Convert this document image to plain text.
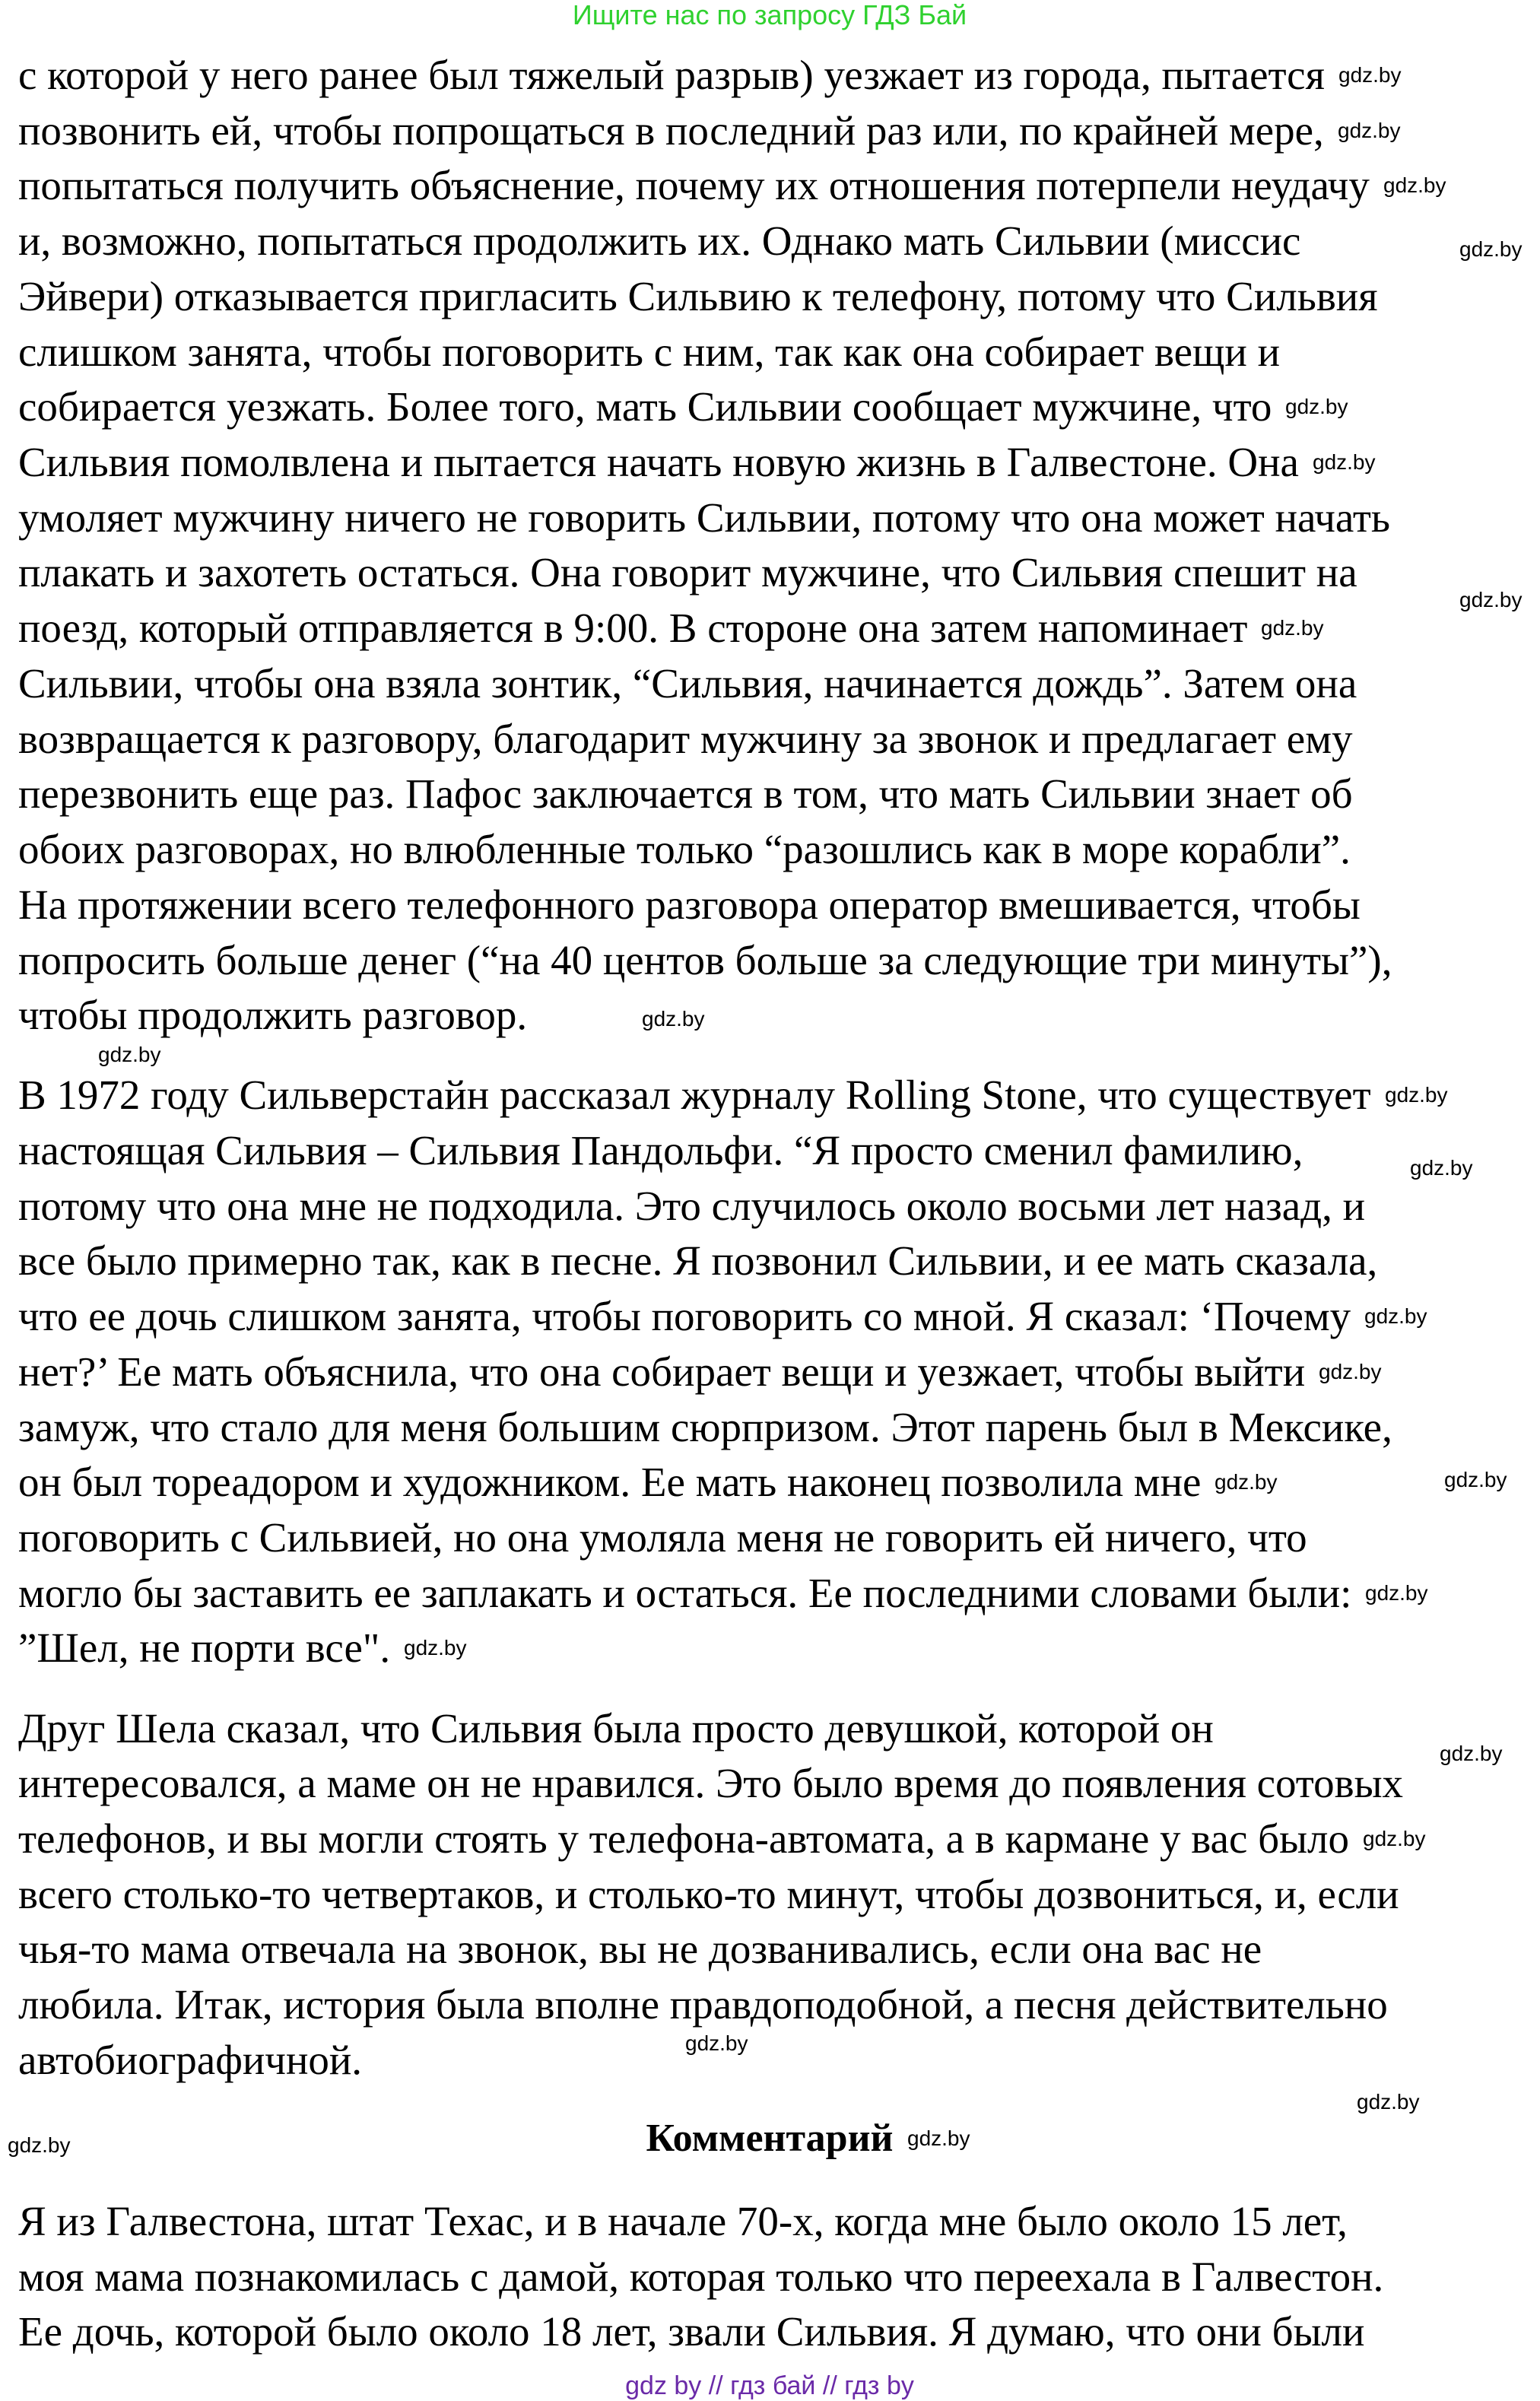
Ищите нас по запросу ГДЗ Бай
с которой у него ранее был тяжелый разрыв) уезжает из города, пытается
позвонить ей, чтобы попрощаться в последний раз или, по крайней мере,
попытаться получить объяснение, почему их отношения потерпели неудачу
и, возможно, попытаться продолжить их. Однако мать Сильвии (миссис
Эйвери) отказывается пригласить Сильвию к телефону, потому что Сильвия
слишком занята, чтобы поговорить с ним, так как она собирает вещи и
собирается уезжать. Более того, мать Сильвии сообщает мужчине, что
Сильвия помолвлена и пытается начать новую жизнь в Галвестоне. Она
умоляет мужчину ничего не говорить Сильвии, потому что она может начать
плакать и захотеть остаться. Она говорит мужчине, что Сильвия спешит на
поезд, который отправляется в 9:00. В стороне она затем напоминает
Сильвии, чтобы она взяла зонтик, “Сильвия, начинается дождь”. Затем она
возвращается к разговору, благодарит мужчину за звонок и предлагает ему
перезвонить еще раз. Пафос заключается в том, что мать Сильвии знает об
обоих разговорах, но влюбленные только “разошлись как в море корабли”.
На протяжении всего телефонного разговора оператор вмешивается, чтобы
попросить больше денег (“на 40 центов больше за следующие три минуты”),
чтобы продолжить разговор.
В 1972 году Сильверстайн рассказал журналу Rolling Stone, что существует
настоящая Сильвия – Сильвия Пандольфи. “Я просто сменил фамилию,
потому что она мне не подходила. Это случилось около восьми лет назад, и
все было примерно так, как в песне. Я позвонил Сильвии, и ее мать сказала,
что ее дочь слишком занята, чтобы поговорить со мной. Я сказал: ‘Почему
нет?’ Ее мать объяснила, что она собирает вещи и уезжает, чтобы выйти
замуж, что стало для меня большим сюрпризом. Этот парень был в Мексике,
он был тореадором и художником. Ее мать наконец позволила мне
поговорить с Сильвией, но она умоляла меня не говорить ей ничего, что
могло бы заставить ее заплакать и остаться. Ее последними словами были:
”Шел, не порти все".
Друг Шела сказал, что Сильвия была просто девушкой, которой он
интересовался, а маме он не нравился. Это было время до появления сотовых
телефонов, и вы могли стоять у телефона-автомата, а в кармане у вас было
всего столько-то четвертаков, и столько-то минут, чтобы дозвониться, и, если
чья-то мама отвечала на звонок, вы не дозванивались, если она вас не
любила. Итак, история была вполне правдоподобной, а песня действительно
автобиографичной.
Я из Галвестона, штат Техас, и в начале 70-х, когда мне было около 15 лет,
моя мама познакомилась с дамой, которая только что переехала в Галвестон.
Ее дочь, которой было около 18 лет, звали Сильвия. Я думаю, что они были
Комментарий
gdz by // гдз бай // гдз by
gdz.by
gdz.by
gdz.by
gdz.by
gdz.by
gdz.by
gdz.by
gdz.by
gdz.by
gdz.by
gdz.by
gdz.by
gdz.by
gdz.by
gdz.by
gdz.by
gdz.by
gdz.by
gdz.by
gdz.by
gdz.by
gdz.by
gdz.by	gdz.by
